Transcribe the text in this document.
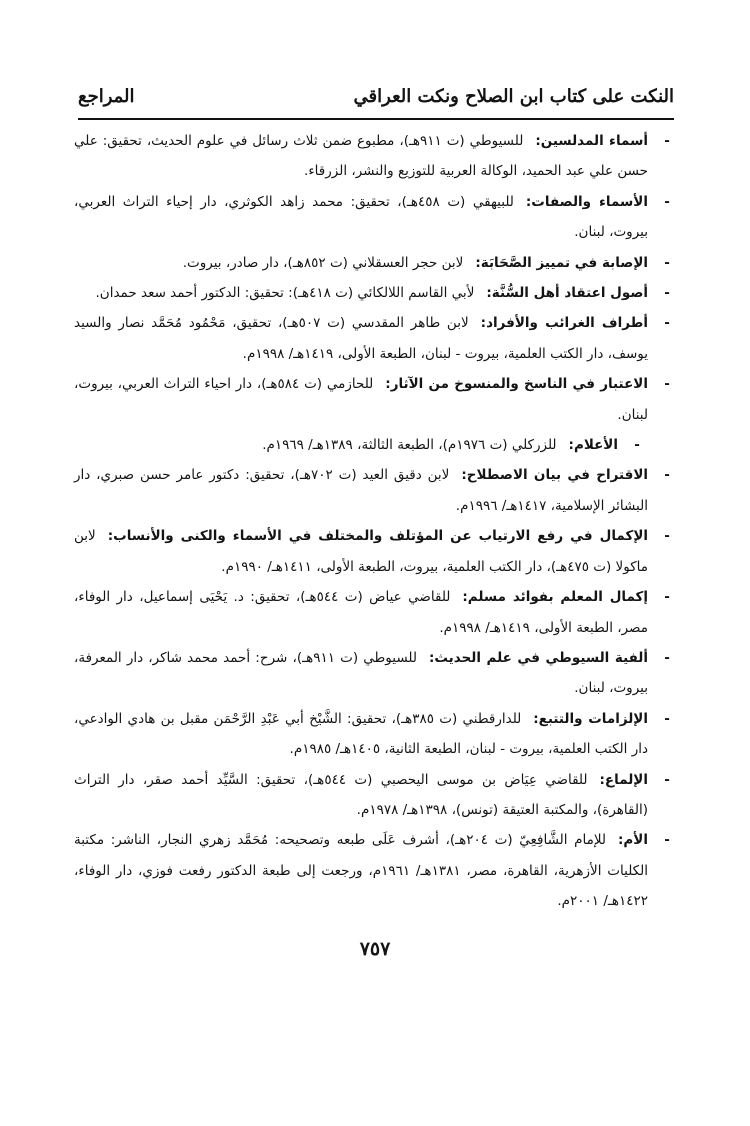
النكت على كتاب ابن الصلاح ونكت العراقي
المراجع
-
أسماء المدلسين:للسيوطي (ت ٩١١هـ)، مطبوع ضمن ثلاث رسائل في علوم الحديث، تحقيق: علي حسن علي عبد الحميد، الوكالة العربية للتوزيع والنشر، الزرقاء.
-
الأسماء والصفات:للبيهقي (ت ٤٥٨هـ)، تحقيق: محمد زاهد الكوثري، دار إحياء التراث العربي، بيروت، لبنان.
-
الإصابة في تمييز الصَّحَابَة:لابن حجر العسقلاني (ت ٨٥٢هـ)، دار صادر، بيروت.
-
أصول اعتقاد أهل السُّنَّة:لأبي القاسم اللالكائي (ت ٤١٨هـ): تحقيق: الدكتور أحمد سعد حمدان.
-
أطراف الغرائب والأفراد:لابن طاهر المقدسي (ت ٥٠٧هـ)، تحقيق، مَحْمُود مُحَمَّد نصار والسيد يوسف، دار الكتب العلمية، بيروت - لبنان، الطبعة الأولى، ١٤١٩هـ/ ١٩٩٨م.
-
الاعتبار في الناسخ والمنسوخ من الآثار:للحازمي (ت ٥٨٤هـ)، دار احياء التراث العربي، بيروت، لبنان.
-
الأعلام:للزركلي (ت ١٩٧٦م)، الطبعة الثالثة، ١٣٨٩هـ/ ١٩٦٩م.
-
الاقتراح في بيان الاصطلاح:لابن دقيق العيد (ت ٧٠٢هـ)، تحقيق: دكتور عامر حسن صبري، دار البشائر الإسلامية، ١٤١٧هـ/ ١٩٩٦م.
-
الإكمال في رفع الارتياب عن المؤتلف والمختلف في الأسماء والكنى والأنساب:لابن ماكولا (ت ٤٧٥هـ)، دار الكتب العلمية، بيروت، الطبعة الأولى، ١٤١١هـ/ ١٩٩٠م.
-
إكمال المعلم بفوائد مسلم:للقاضي عياض (ت ٥٤٤هـ)، تحقيق: د. يَحْيَى إسماعيل، دار الوفاء، مصر، الطبعة الأولى، ١٤١٩هـ/ ١٩٩٨م.
-
ألفية السيوطي في علم الحديث:للسيوطي (ت ٩١١هـ)، شرح: أحمد محمد شاكر، دار المعرفة، بيروت، لبنان.
-
الإلزامات والتتبع:للدارقطني (ت ٣٨٥هـ)، تحقيق: الشَّيْخ أبي عَبْدِ الرَّحْمَن مقبل بن هادي الوادعي، دار الكتب العلمية، بيروت - لبنان، الطبعة الثانية، ١٤٠٥هـ/ ١٩٨٥م.
-
الإلماع:للقاضي عِيَاض بن موسى اليحصبي (ت ٥٤٤هـ)، تحقيق: السَّيِّد أحمد صقر، دار التراث (القاهرة)، والمكتبة العتيقة (تونس)، ١٣٩٨هـ/ ١٩٧٨م.
-
الأم:للإمام الشَّافِعِيّ (ت ٢٠٤هـ)، أشرف عَلَى طبعه وتصحيحه: مُحَمَّد زهري النجار، الناشر: مكتبة الكليات الأزهرية، القاهرة، مصر، ١٣٨١هـ/ ١٩٦١م، ورجعت إلى طبعة الدكتور رفعت فوزي، دار الوفاء، ١٤٢٢هـ/ ٢٠٠١م.
٧٥٧
